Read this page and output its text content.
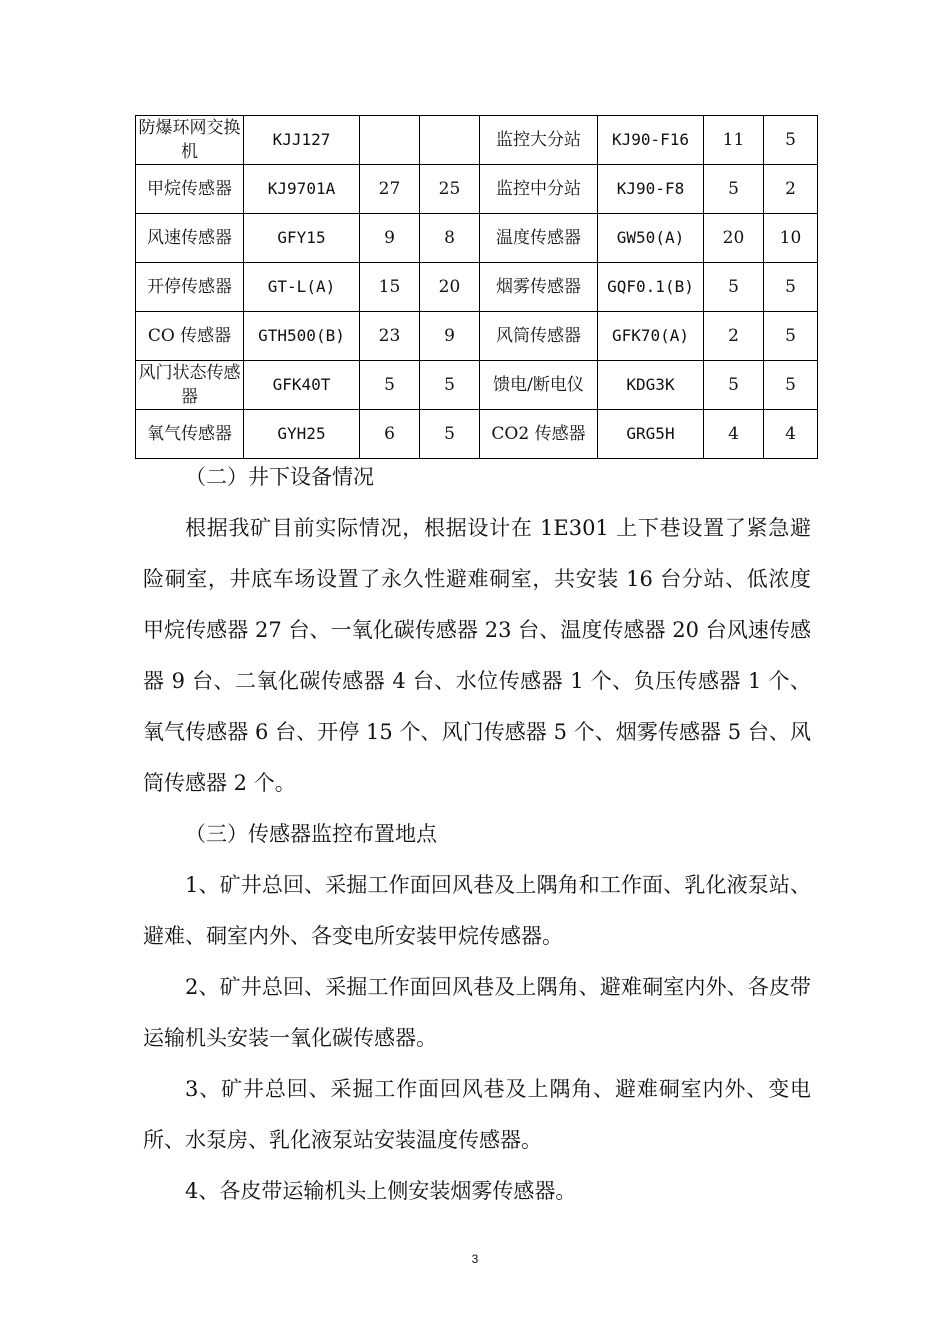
防爆环网交换机	KJJ127			监控大分站	KJ90-F16	11	5
甲烷传感器	KJ9701A	27	25	监控中分站	KJ90-F8	5	2
风速传感器	GFY15	9	8	温度传感器	GW50(A)	20	10
开停传感器	GT-L(A)	15	20	烟雾传感器	GQF0.1(B)	5	5
CO 传感器	GTH500(B)	23	9	风筒传感器	GFK70(A)	2	5
风门状态传感器	GFK40T	5	5	馈电/断电仪	KDG3K	5	5
氧气传感器	GYH25	6	5	CO2 传感器	GRG5H	4	4

（二）井下设备情况

根据我矿目前实际情况，根据设计在 1E301 上下巷设置了紧急避险硐室，井底车场设置了永久性避难硐室，共安装 16 台分站、低浓度甲烷传感器 27 台、一氧化碳传感器 23 台、温度传感器 20 台风速传感器 9 台、二氧化碳传感器 4 台、水位传感器 1 个、负压传感器 1 个、氧气传感器 6 台、开停 15 个、风门传感器 5 个、烟雾传感器 5 台、风筒传感器 2 个。

（三）传感器监控布置地点

1、矿井总回、采掘工作面回风巷及上隅角和工作面、乳化液泵站、避难、硐室内外、各变电所安装甲烷传感器。

2、矿井总回、采掘工作面回风巷及上隅角、避难硐室内外、各皮带运输机头安装一氧化碳传感器。

3、矿井总回、采掘工作面回风巷及上隅角、避难硐室内外、变电所、水泵房、乳化液泵站安装温度传感器。

4、各皮带运输机头上侧安装烟雾传感器。

3
